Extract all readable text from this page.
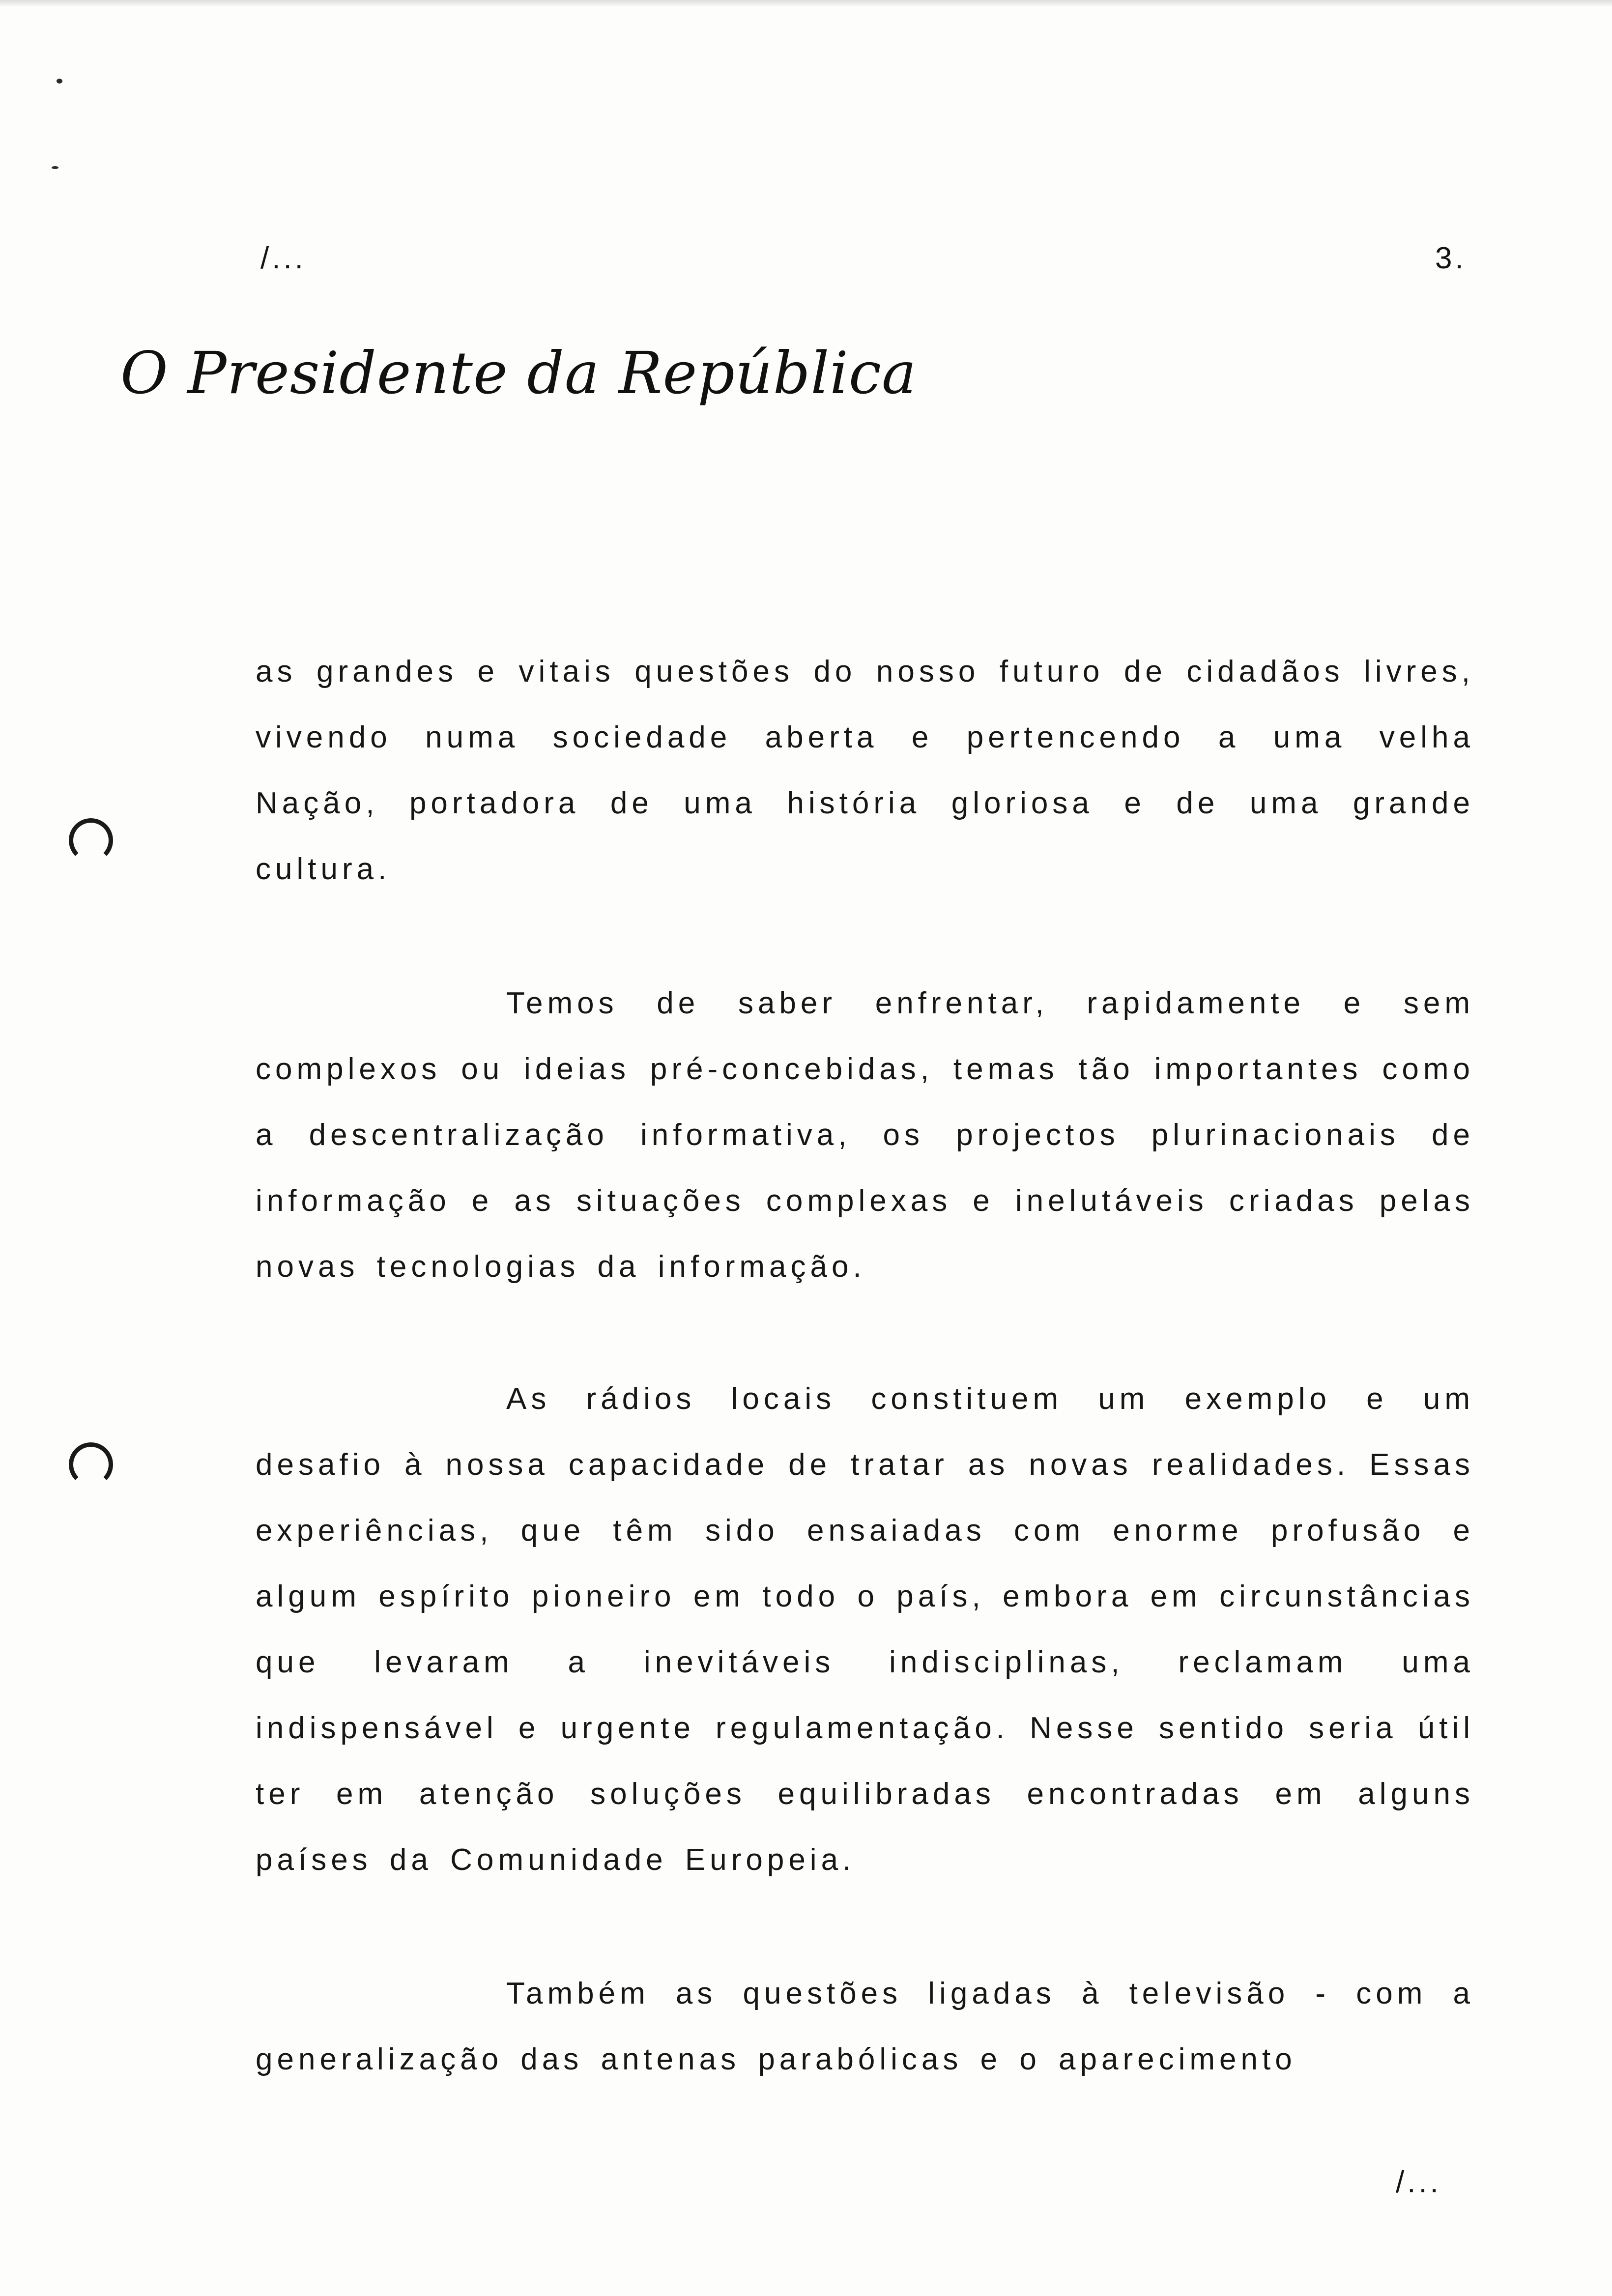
/...	3.
O Presidente da República

as grandes e vitais questões do nosso futuro de cidadãos livres, vivendo numa sociedade aberta e pertencendo a uma velha Nação, portadora de uma história gloriosa e de uma grande cultura.

Temos de saber enfrentar, rapidamente e sem complexos ou ideias pré-concebidas, temas tão importantes como a descentralização informativa, os projectos plurinacionais de informação e as situações complexas e inelutáveis criadas pelas novas tecnologias da informação.

As rádios locais constituem um exemplo e um desafio à nossa capacidade de tratar as novas realidades. Essas experiências, que têm sido ensaiadas com enorme profusão e algum espírito pioneiro em todo o país, embora em circunstâncias que levaram a inevitáveis indisciplinas, reclamam uma indispensável e urgente regulamentação. Nesse sentido seria útil ter em atenção soluções equilibradas encontradas em alguns países da Comunidade Europeia.

Também as questões ligadas à televisão - com a generalização das antenas parabólicas e o aparecimento

/...
